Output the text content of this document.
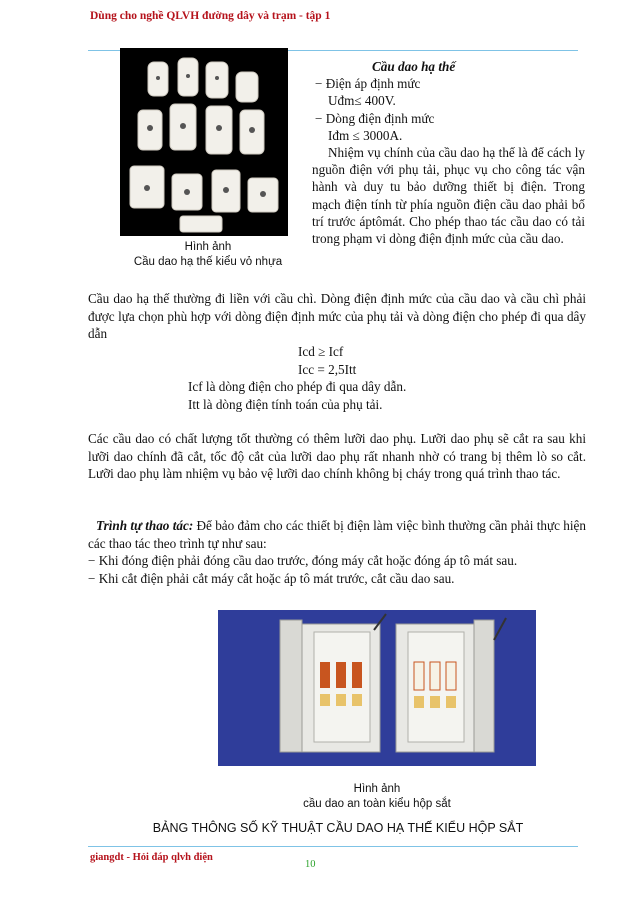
Dùng cho nghề QLVH đường dây và trạm - tập 1
Hình ảnh
Cầu dao hạ thế kiểu vỏ nhựa
Cầu dao hạ thế
− Điện áp định mức
Uđm≤ 400V.
− Dòng điện định mức
Iđm ≤ 3000A.
Nhiệm vụ chính của cầu dao hạ thế là để cách ly nguồn điện với phụ tải, phục vụ cho công tác vận hành và duy tu bảo dưỡng thiết bị điện. Trong mạch điện tính từ phía nguồn điện cầu dao phải bố trí trước áptômát. Cho phép thao tác cầu dao có tải trong phạm vi dòng điện định mức của cầu dao.
Cầu dao hạ thế thường đi liền với cầu chì. Dòng điện định mức của cầu dao và cầu chì phải được lựa chọn phù hợp với dòng điện định mức của phụ tải và dòng điện cho phép đi qua dây dẫn
Icd ≥ Icf
Icc = 2,5Itt
Icf là dòng điện cho phép đi qua dây dẫn.
Itt là dòng điện tính toán của phụ tải.
Các cầu dao có chất lượng tốt thường có thêm lưỡi dao phụ. Lưỡi dao phụ sẽ cắt ra sau khi lưỡi dao chính đã cắt, tốc độ cắt của lưỡi dao phụ rất nhanh nhờ có trang bị thêm lò so cắt. Lưỡi dao phụ làm nhiệm vụ bảo vệ lưỡi dao chính không bị cháy trong quá trình thao tác.
Trình tự thao tác: Để bảo đảm cho các thiết bị điện làm việc bình thường cần phải thực hiện các thao tác theo trình tự như sau:
− Khi đóng điện phải đóng cầu dao trước, đóng máy cắt hoặc đóng áp tô mát sau.
− Khi cắt điện phải cắt máy cắt hoặc áp tô mát trước, cắt cầu dao sau.
Hình ảnh
cầu dao an toàn kiểu hộp sắt
BẢNG THÔNG SỐ KỸ THUẬT CẦU DAO HẠ THẾ KIỂU HỘP SẮT
giangdt - Hỏi đáp qlvh điện
10
